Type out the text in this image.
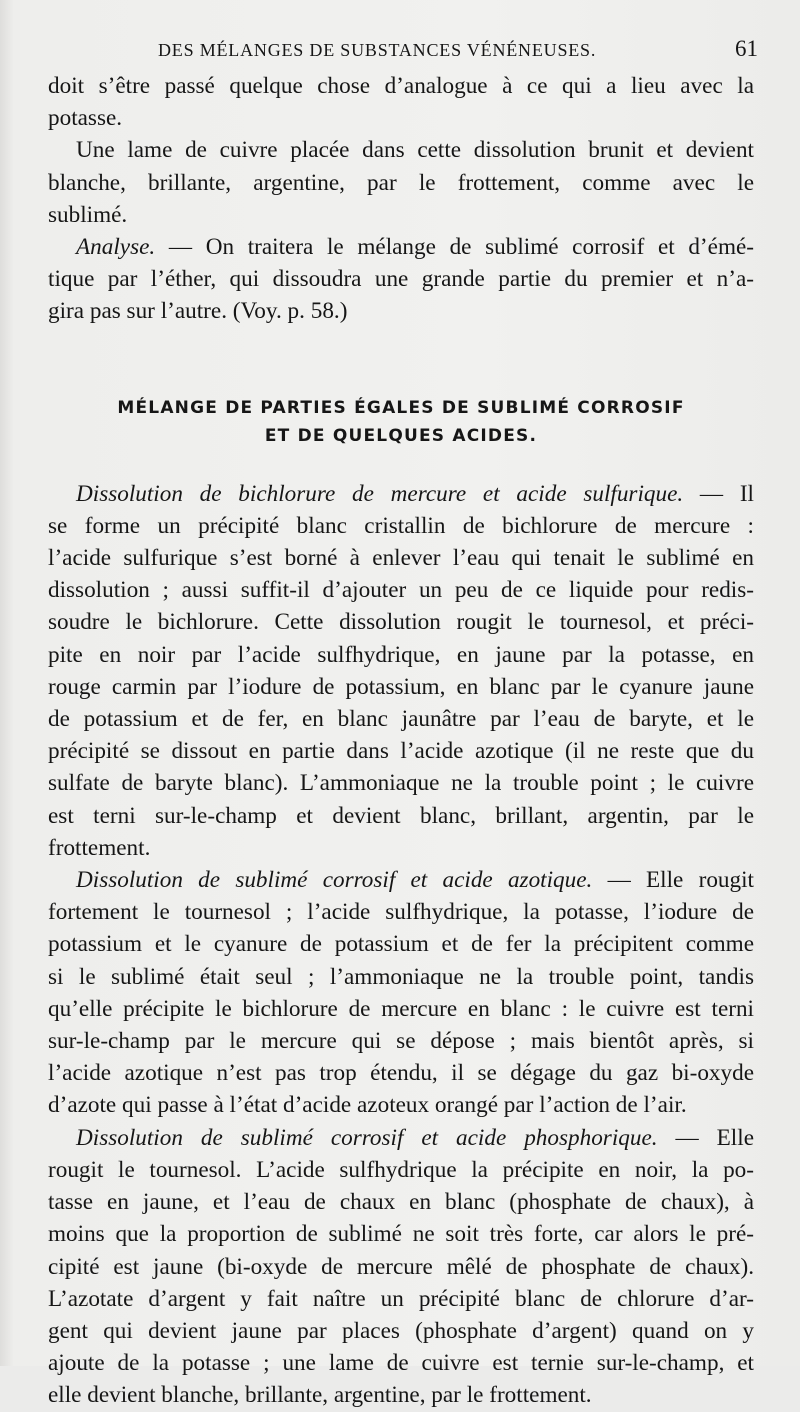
DES MÉLANGES DE SUBSTANCES VÉNÉNEUSES.	61

doit s’être passé quelque chose d’analogue à ce qui a lieu avec la
potasse.

Une lame de cuivre placée dans cette dissolution brunit et devient
blanche, brillante, argentine, par le frottement, comme avec le
sublimé.

Analyse. — On traitera le mélange de sublimé corrosif et d’émé-
tique par l’éther, qui dissoudra une grande partie du premier et n’a-
gira pas sur l’autre. (Voy. p. 58.)

MÉLANGE DE PARTIES ÉGALES DE SUBLIMÉ CORROSIF
ET DE QUELQUES ACIDES.

Dissolution de bichlorure de mercure et acide sulfurique. — Il
se forme un précipité blanc cristallin de bichlorure de mercure :
l’acide sulfurique s’est borné à enlever l’eau qui tenait le sublimé en
dissolution ; aussi suffit-il d’ajouter un peu de ce liquide pour redis-
soudre le bichlorure. Cette dissolution rougit le tournesol, et préci-
pite en noir par l’acide sulfhydrique, en jaune par la potasse, en
rouge carmin par l’iodure de potassium, en blanc par le cyanure jaune
de potassium et de fer, en blanc jaunâtre par l’eau de baryte, et le
précipité se dissout en partie dans l’acide azotique (il ne reste que du
sulfate de baryte blanc). L’ammoniaque ne la trouble point ; le cuivre
est terni sur-le-champ et devient blanc, brillant, argentin, par le
frottement.

Dissolution de sublimé corrosif et acide azotique. — Elle rougit
fortement le tournesol ; l’acide sulfhydrique, la potasse, l’iodure de
potassium et le cyanure de potassium et de fer la précipitent comme
si le sublimé était seul ; l’ammoniaque ne la trouble point, tandis
qu’elle précipite le bichlorure de mercure en blanc : le cuivre est terni
sur-le-champ par le mercure qui se dépose ; mais bientôt après, si
l’acide azotique n’est pas trop étendu, il se dégage du gaz bi-oxyde
d’azote qui passe à l’état d’acide azoteux orangé par l’action de l’air.

Dissolution de sublimé corrosif et acide phosphorique. — Elle
rougit le tournesol. L’acide sulfhydrique la précipite en noir, la po-
tasse en jaune, et l’eau de chaux en blanc (phosphate de chaux), à
moins que la proportion de sublimé ne soit très forte, car alors le pré-
cipité est jaune (bi-oxyde de mercure mêlé de phosphate de chaux).
L’azotate d’argent y fait naître un précipité blanc de chlorure d’ar-
gent qui devient jaune par places (phosphate d’argent) quand on y
ajoute de la potasse ; une lame de cuivre est ternie sur-le-champ, et
elle devient blanche, brillante, argentine, par le frottement.
